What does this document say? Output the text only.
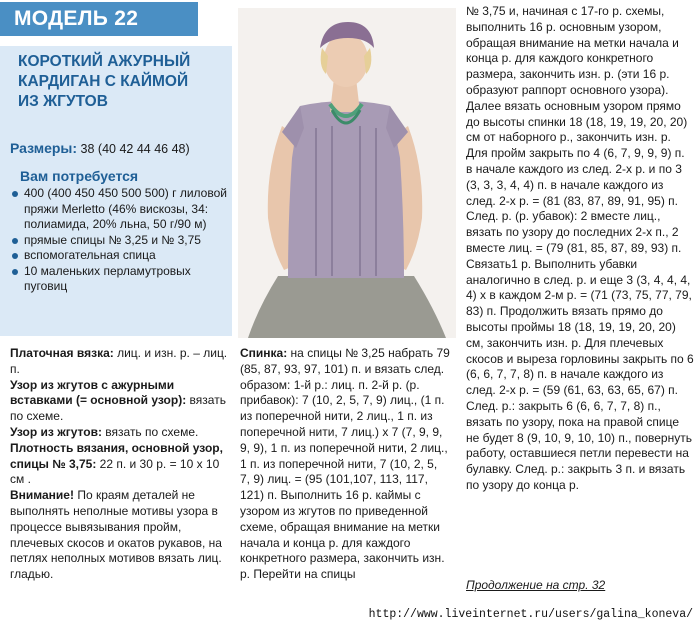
МОДЕЛЬ 22
КОРОТКИЙ АЖУРНЫЙ
КАРДИГАН С КАЙМОЙ
ИЗ ЖГУТОВ
Размеры: 38 (40 42 44 46 48)
Вам потребуется
400 (400 450 450 500 500) г лиловой пряжи Merletto (46% вискозы, 34: полиамида, 20% льна, 50 г/90 м)
прямые спицы № 3,25 и № 3,75
вспомогательная спица
10 маленьких перламутровых пуговиц

Платочная вязка: лиц. и изн. р. – лиц. п.

Узор из жгутов с ажурными вставками (= основной узор): вязать по схеме.

Узор из жгутов: вязать по схеме.

Плотность вязания, основной узор, спицы № 3,75: 22 п. и 30 р. = 10 х 10 см .

Внимание! По краям деталей не выполнять неполные мотивы узора в процессе вывязывания пройм, плечевых скосов и окатов рукавов, на петлях неполных мотивов вязать лиц. гладью.

Спинка: на спицы № 3,25 набрать 79 (85, 87, 93, 97, 101) п. и вязать след. образом: 1-й р.: лиц. п. 2-й р. (р. прибавок): 7 (10, 2, 5, 7, 9) лиц., (1 п. из поперечной нити, 2 лиц., 1 п. из поперечной нити, 7 лиц.) х 7 (7, 9, 9, 9, 9), 1 п. из поперечной нити, 2 лиц., 1 п. из поперечной нити, 7 (10, 2, 5, 7, 9) лиц. = (95 (101,107, 113, 117, 121) п. Выполнить 16 р. каймы с узором из жгутов по приведенной схеме, обращая внимание на метки начала и конца р. для каждого конкретного размера, закончить изн. р. Перейти на спицы

№ 3,75 и, начиная с 17-го р. схемы, выполнить 16 р. основным узором, обращая внимание на метки начала и конца р. для каждого конкретного размера, закончить изн. р. (эти 16 р. образуют раппорт основного узора). Далее вязать основным узором прямо до высоты спинки 18 (18, 19, 19, 20, 20) см от наборного р., закончить изн. р. Для пройм закрыть по 4 (6, 7, 9, 9, 9) п. в начале каждого из след. 2-х р. и по 3 (3, 3, 3, 4, 4) п. в начале каждого из след. 2-х р. = (81 (83, 87, 89, 91, 95) п. След. р. (р. убавок): 2 вместе лиц., вязать по узору до последних 2-х п., 2 вместе лиц. = (79 (81, 85, 87, 89, 93) п. Связать1 р. Выполнить убавки аналогично в след. р. и еще 3 (3, 4, 4, 4, 4) х в каждом 2-м р. = (71 (73, 75, 77, 79, 83) п. Продолжить вязать прямо до высоты проймы 18 (18, 19, 19, 20, 20) см, закончить изн. р. Для плечевых скосов и выреза горловины закрыть по 6 (6, 6, 7, 7, 8) п. в начале каждого из след. 2-х р. = (59 (61, 63, 63, 65, 67) п. След. р.: закрыть 6 (6, 6, 7, 7, 8) п., вязать по узору, пока на правой спице не будет 8 (9, 10, 9, 10, 10) п., повернуть работу, оставшиеся петли перевести на булавку. След. р.: закрыть 3 п. и вязать по узору до конца р.

Продолжение на стр. 32
http://www.liveinternet.ru/users/galina_koneva/
